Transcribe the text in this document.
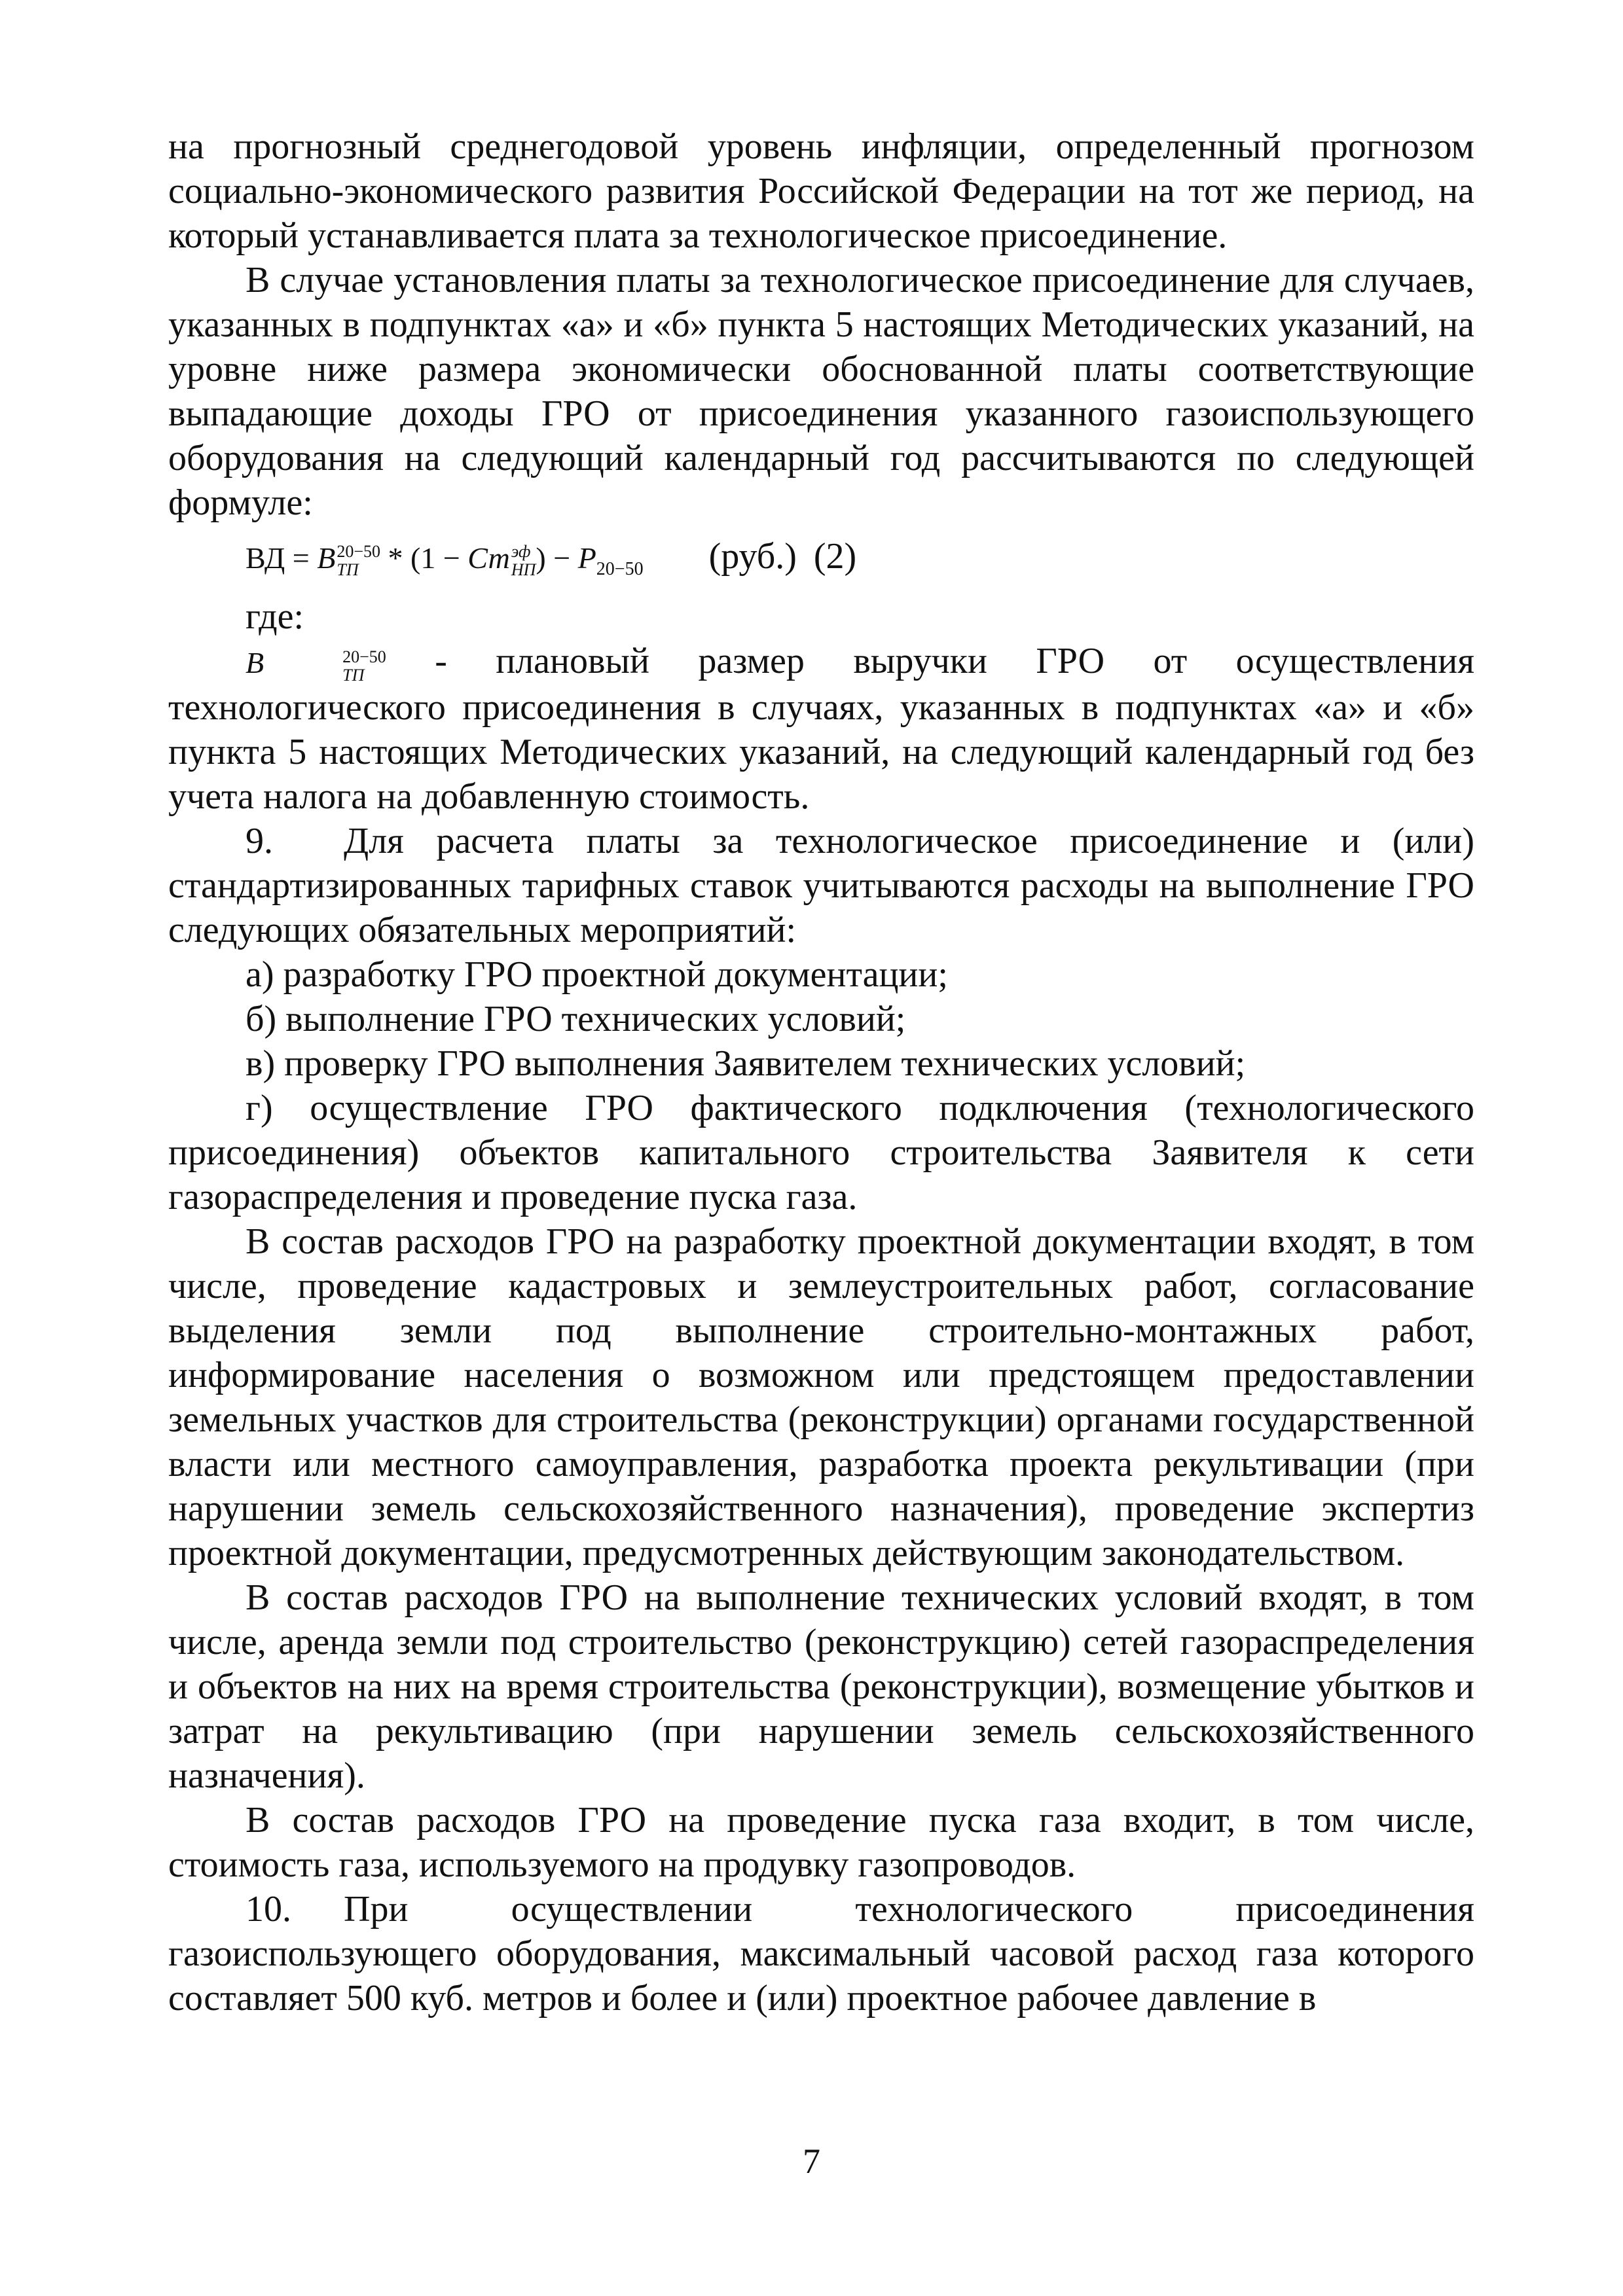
на прогнозный среднегодовой уровень инфляции, определенный прогнозом социально-экономического развития Российской Федерации на тот же период, на который устанавливается плата за технологическое присоединение.

В случае установления платы за технологическое присоединение для случаев, указанных в подпунктах «а» и «б» пункта 5 настоящих Методических указаний, на уровне ниже размера экономически обоснованной платы соответствующие выпадающие доходы ГРО от присоединения указанного газоиспользующего оборудования на следующий календарный год рассчитываются по следующей формуле:

ВД = B 20−50
ТП * (1 − Ст эф
НП ) − $P_{20-50}$ (руб.) (2)

где:

B	20−50
ТП - плановый размер выручки ГРО от осуществления технологического присоединения в случаях, указанных в подпунктах «а» и «б» пункта 5 настоящих Методических указаний, на следующий календарный год без учета налога на добавленную стоимость.

9. Для расчета платы за технологическое присоединение и (или) стандартизированных тарифных ставок учитываются расходы на выполнение ГРО следующих обязательных мероприятий:

а) разработку ГРО проектной документации;

б) выполнение ГРО технических условий;

в) проверку ГРО выполнения Заявителем технических условий;

г) осуществление ГРО фактического подключения (технологического присоединения) объектов капитального строительства Заявителя к сети газораспределения и проведение пуска газа.

В состав расходов ГРО на разработку проектной документации входят, в том числе, проведение кадастровых и землеустроительных работ, согласование выделения земли под выполнение строительно-монтажных работ, информирование населения о возможном или предстоящем предоставлении земельных участков для строительства (реконструкции) органами государственной власти или местного самоуправления, разработка проекта рекультивации (при нарушении земель сельскохозяйственного назначения), проведение экспертиз проектной документации, предусмотренных действующим законодательством.

В состав расходов ГРО на выполнение технических условий входят, в том числе, аренда земли под строительство (реконструкцию) сетей газораспределения и объектов на них на время строительства (реконструкции), возмещение убытков и затрат на рекультивацию (при нарушении земель сельскохозяйственного назначения).

В состав расходов ГРО на проведение пуска газа входит, в том числе, стоимость газа, используемого на продувку газопроводов.

10. При осуществлении технологического присоединения газоиспользующего оборудования, максимальный часовой расход газа которого составляет 500 куб. метров и более и (или) проектное рабочее давление в

7
